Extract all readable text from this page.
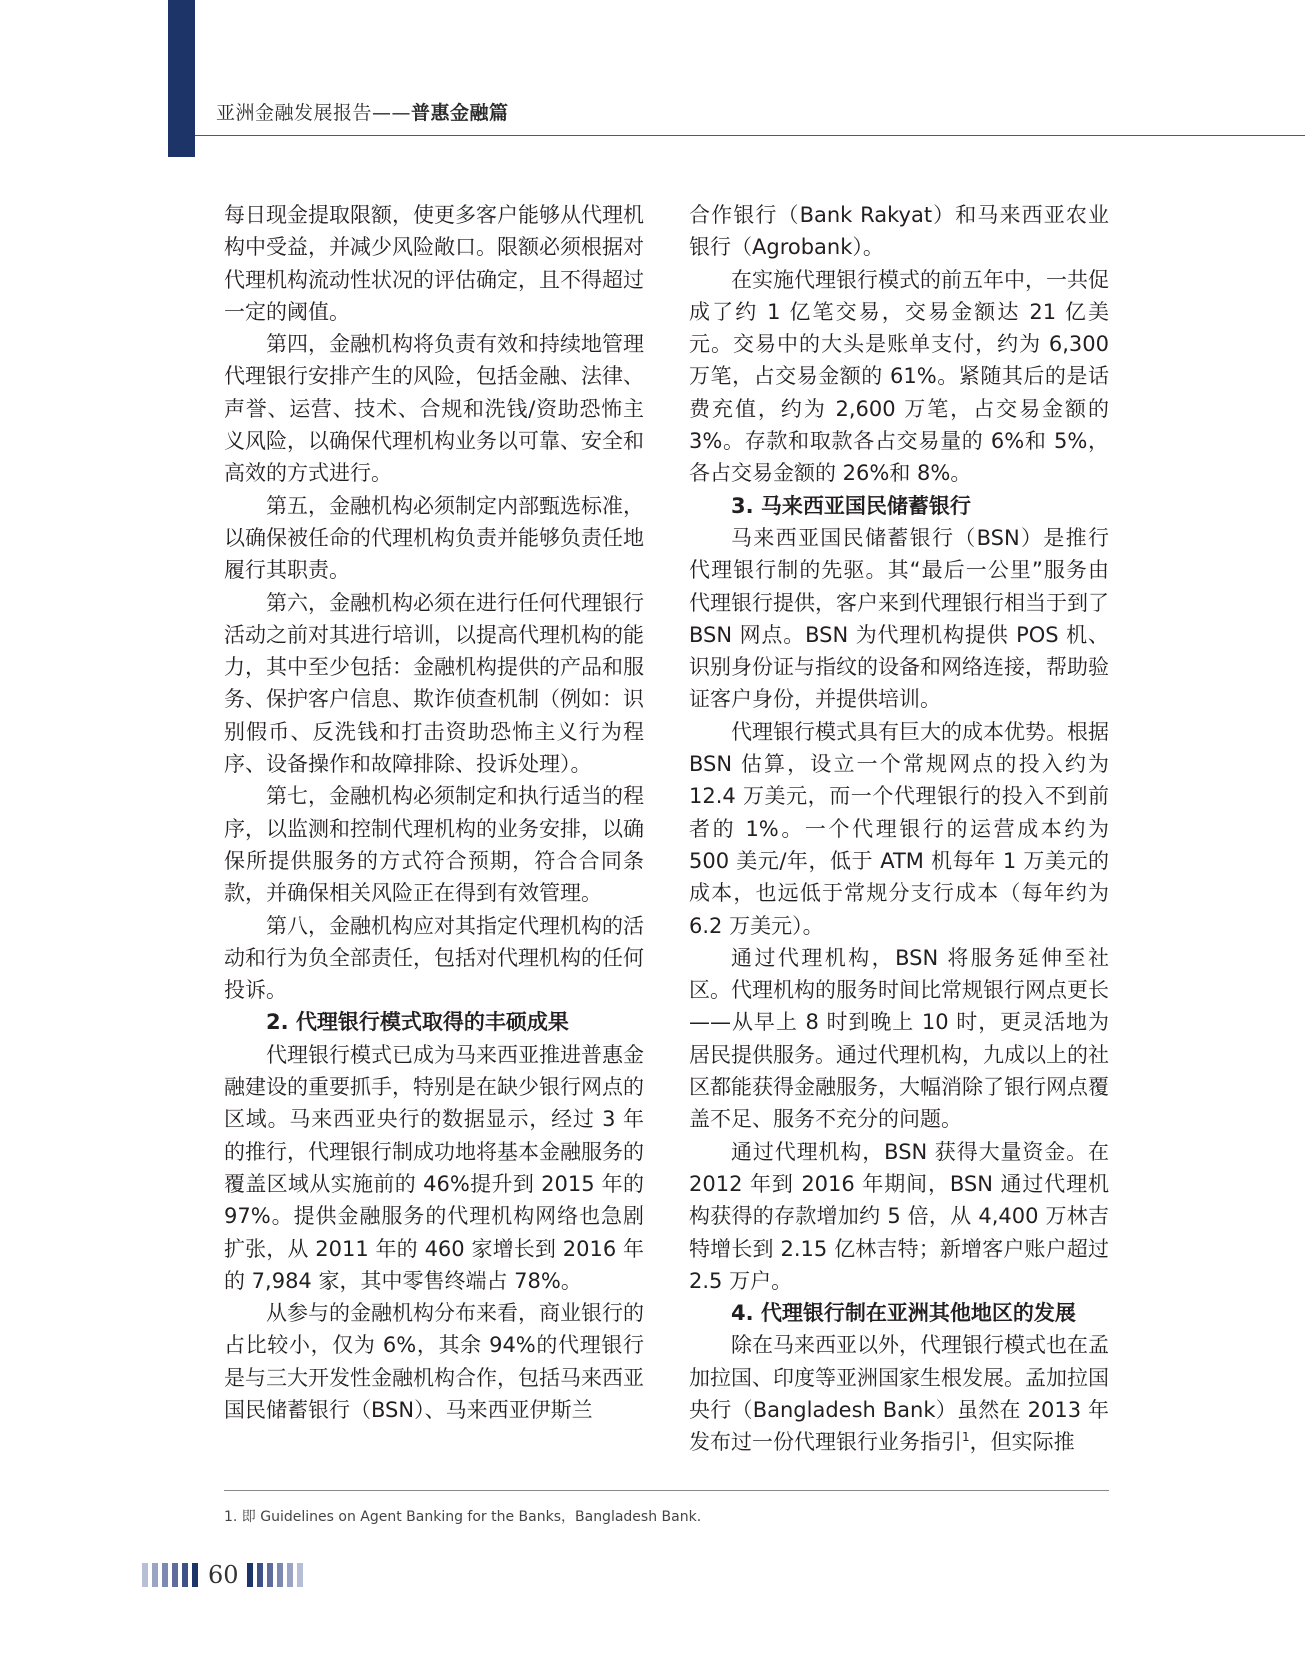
亚洲金融发展报告——普惠金融篇

每日现金提取限额，使更多客户能够从代理机构中受益，并减少风险敞口。限额必须根据对代理机构流动性状况的评估确定，且不得超过一定的阈值。

第四，金融机构将负责有效和持续地管理代理银行安排产生的风险，包括金融、法律、声誉、运营、技术、合规和洗钱/资助恐怖主义风险，以确保代理机构业务以可靠、安全和高效的方式进行。

第五，金融机构必须制定内部甄选标准，以确保被任命的代理机构负责并能够负责任地履行其职责。

第六，金融机构必须在进行任何代理银行活动之前对其进行培训，以提高代理机构的能力，其中至少包括：金融机构提供的产品和服务、保护客户信息、欺诈侦查机制（例如：识别假币、反洗钱和打击资助恐怖主义行为程序、设备操作和故障排除、投诉处理）。

第七，金融机构必须制定和执行适当的程序，以监测和控制代理机构的业务安排，以确保所提供服务的方式符合预期，符合合同条款，并确保相关风险正在得到有效管理。

第八，金融机构应对其指定代理机构的活动和行为负全部责任，包括对代理机构的任何投诉。

2. 代理银行模式取得的丰硕成果

代理银行模式已成为马来西亚推进普惠金融建设的重要抓手，特别是在缺少银行网点的区域。马来西亚央行的数据显示，经过 3 年的推行，代理银行制成功地将基本金融服务的覆盖区域从实施前的 46%提升到 2015 年的 97%。提供金融服务的代理机构网络也急剧扩张，从 2011 年的 460 家增长到 2016 年的 7,984 家，其中零售终端占 78%。

从参与的金融机构分布来看，商业银行的占比较小，仅为 6%，其余 94%的代理银行是与三大开发性金融机构合作，包括马来西亚国民储蓄银行（BSN）、马来西亚伊斯兰

合作银行（Bank Rakyat）和马来西亚农业银行（Agrobank）。

在实施代理银行模式的前五年中，一共促成了约 1 亿笔交易，交易金额达 21 亿美元。交易中的大头是账单支付，约为 6,300 万笔，占交易金额的 61%。紧随其后的是话费充值，约为 2,600 万笔，占交易金额的 3%。存款和取款各占交易量的 6%和 5%，各占交易金额的 26%和 8%。

3. 马来西亚国民储蓄银行

马来西亚国民储蓄银行（BSN）是推行代理银行制的先驱。其“最后一公里”服务由代理银行提供，客户来到代理银行相当于到了 BSN 网点。BSN 为代理机构提供 POS 机、识别身份证与指纹的设备和网络连接，帮助验证客户身份，并提供培训。

代理银行模式具有巨大的成本优势。根据 BSN 估算，设立一个常规网点的投入约为 12.4 万美元，而一个代理银行的投入不到前者的 1%。一个代理银行的运营成本约为 500 美元/年，低于 ATM 机每年 1 万美元的成本，也远低于常规分支行成本（每年约为 6.2 万美元）。

通过代理机构，BSN 将服务延伸至社区。代理机构的服务时间比常规银行网点更长——从早上 8 时到晚上 10 时，更灵活地为居民提供服务。通过代理机构，九成以上的社区都能获得金融服务，大幅消除了银行网点覆盖不足、服务不充分的问题。

通过代理机构，BSN 获得大量资金。在 2012 年到 2016 年期间，BSN 通过代理机构获得的存款增加约 5 倍，从 4,400 万林吉特增长到 2.15 亿林吉特；新增客户账户超过 2.5 万户。

4. 代理银行制在亚洲其他地区的发展

除在马来西亚以外，代理银行模式也在孟加拉国、印度等亚洲国家生根发展。孟加拉国央行（Bangladesh Bank）虽然在 2013 年发布过一份代理银行业务指引$^1$，但实际推

1. 即 Guidelines on Agent Banking for the Banks，Bangladesh Bank.
60
